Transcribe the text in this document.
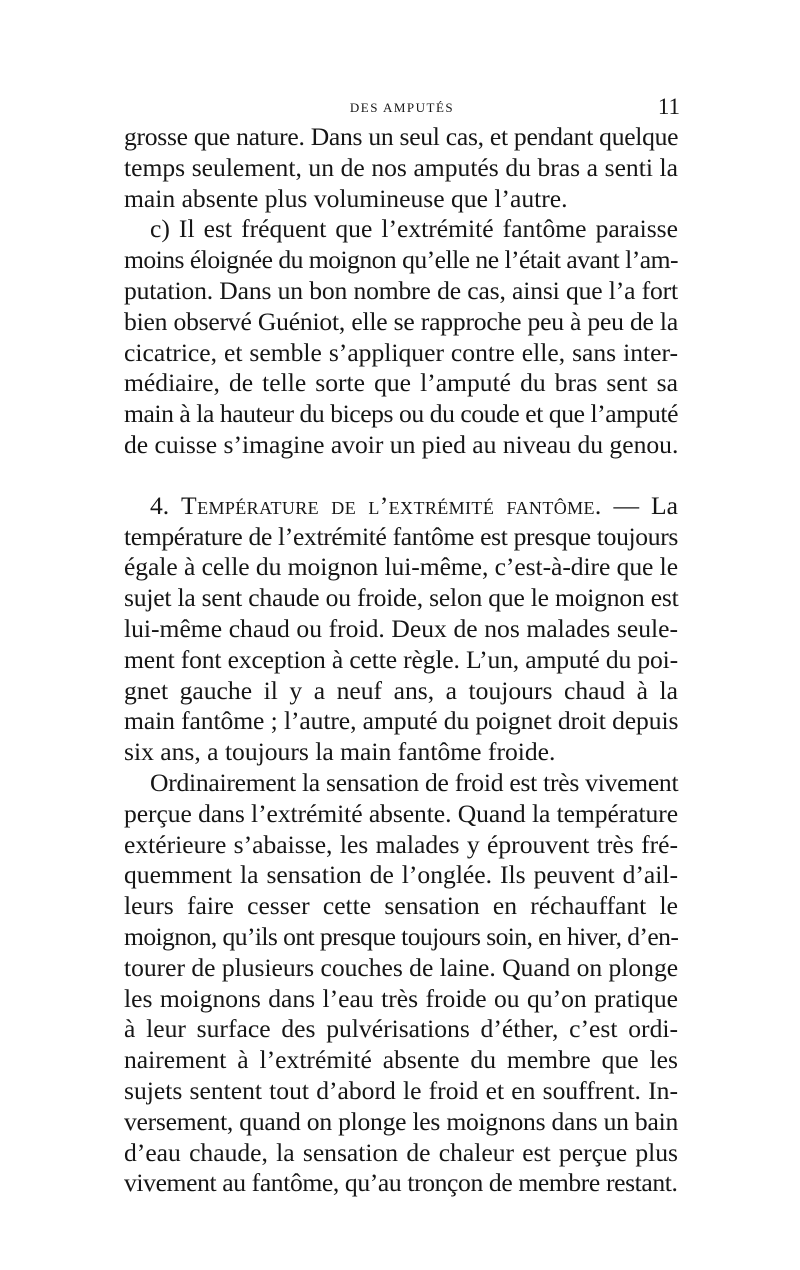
DES AMPUTÉS	11

grosse que nature. Dans un seul cas, et pendant quelque
temps seulement, un de nos amputés du bras a senti la
main absente plus volumineuse que l’autre.

c) Il est fréquent que l’extrémité fantôme paraisse
moins éloignée du moignon qu’elle ne l’était avant l’am-
putation. Dans un bon nombre de cas, ainsi que l’a fort
bien observé Guéniot, elle se rapproche peu à peu de la
cicatrice, et semble s’appliquer contre elle, sans inter-
médiaire, de telle sorte que l’amputé du bras sent sa
main à la hauteur du biceps ou du coude et que l’amputé
de cuisse s’imagine avoir un pied au niveau du genou.

4. Température de l’extrémité fantôme. — La
température de l’extrémité fantôme est presque toujours
égale à celle du moignon lui-même, c’est-à-dire que le
sujet la sent chaude ou froide, selon que le moignon est
lui-même chaud ou froid. Deux de nos malades seule-
ment font exception à cette règle. L’un, amputé du poi-
gnet gauche il y a neuf ans, a toujours chaud à la
main fantôme ; l’autre, amputé du poignet droit depuis
six ans, a toujours la main fantôme froide.

Ordinairement la sensation de froid est très vivement
perçue dans l’extrémité absente. Quand la température
extérieure s’abaisse, les malades y éprouvent très fré-
quemment la sensation de l’onglée. Ils peuvent d’ail-
leurs faire cesser cette sensation en réchauffant le
moignon, qu’ils ont presque toujours soin, en hiver, d’en-
tourer de plusieurs couches de laine. Quand on plonge
les moignons dans l’eau très froide ou qu’on pratique
à leur surface des pulvérisations d’éther, c’est ordi-
nairement à l’extrémité absente du membre que les
sujets sentent tout d’abord le froid et en souffrent. In-
versement, quand on plonge les moignons dans un bain
d’eau chaude, la sensation de chaleur est perçue plus
vivement au fantôme, qu’au tronçon de membre restant.
